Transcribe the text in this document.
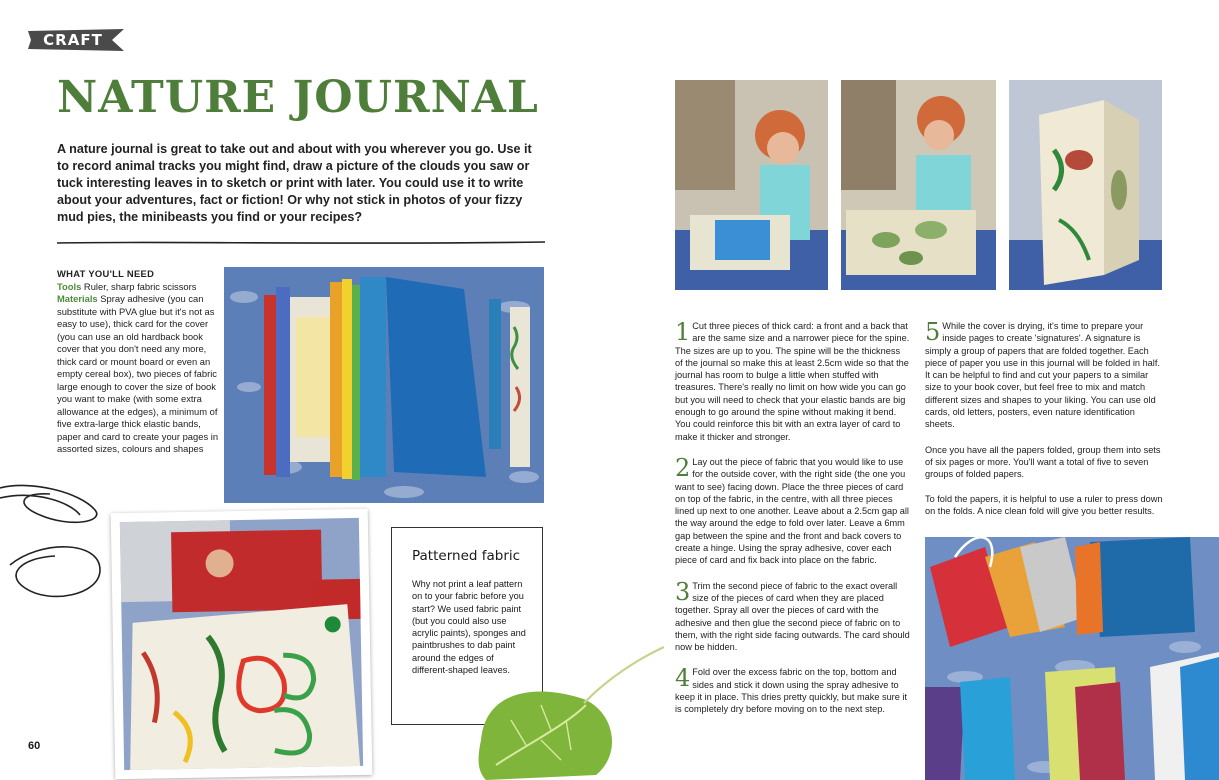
CRAFT
NATURE JOURNAL
A nature journal is great to take out and about with you wherever you go. Use it to record animal tracks you might find, draw a picture of the clouds you saw or tuck interesting leaves in to sketch or print with later. You could use it to write about your adventures, fact or fiction! Or why not stick in photos of your fizzy mud pies, the minibeasts you find or your recipes?
WHAT YOU'LL NEED
Tools Ruler, sharp fabric scissors
Materials Spray adhesive (you can substitute with PVA glue but it's not as easy to use), thick card for the cover (you can use an old hardback book cover that you don't need any more, thick card or mount board or even an empty cereal box), two pieces of fabric large enough to cover the size of book you want to make (with some extra allowance at the edges), a minimum of five extra-large thick elastic bands, paper and card to create your pages in assorted sizes, colours and shapes
Patterned fabric
Why not print a leaf pattern on to your fabric before you start? We used fabric paint (but you could also use acrylic paints), sponges and paintbrushes to dab paint around the edges of different-shaped leaves.
60
1 Cut three pieces of thick card: a front and a back that are the same size and a narrower piece for the spine. The sizes are up to you. The spine will be the thickness of the journal so make this at least 2.5cm wide so that the journal has room to bulge a little when stuffed with treasures. There's really no limit on how wide you can go but you will need to check that your elastic bands are big enough to go around the spine without making it bend. You could reinforce this bit with an extra layer of card to make it thicker and stronger.
2 Lay out the piece of fabric that you would like to use for the outside cover, with the right side (the one you want to see) facing down. Place the three pieces of card on top of the fabric, in the centre, with all three pieces lined up next to one another. Leave about a 2.5cm gap all the way around the edge to fold over later. Leave a 6mm gap between the spine and the front and back covers to create a hinge. Using the spray adhesive, cover each piece of card and fix back into place on the fabric.
3 Trim the second piece of fabric to the exact overall size of the pieces of card when they are placed together. Spray all over the pieces of card with the adhesive and then glue the second piece of fabric on to them, with the right side facing outwards. The card should now be hidden.
4 Fold over the excess fabric on the top, bottom and sides and stick it down using the spray adhesive to keep it in place. This dries pretty quickly, but make sure it is completely dry before moving on to the next step.
5 While the cover is drying, it's time to prepare your inside pages to create 'signatures'. A signature is simply a group of papers that are folded together. Each piece of paper you use in this journal will be folded in half. It can be helpful to find and cut your papers to a similar size to your book cover, but feel free to mix and match different sizes and shapes to your liking. You can use old cards, old letters, posters, even nature identification sheets.
Once you have all the papers folded, group them into sets of six pages or more. You'll want a total of five to seven groups of folded papers.
To fold the papers, it is helpful to use a ruler to press down on the folds. A nice clean fold will give you better results.
